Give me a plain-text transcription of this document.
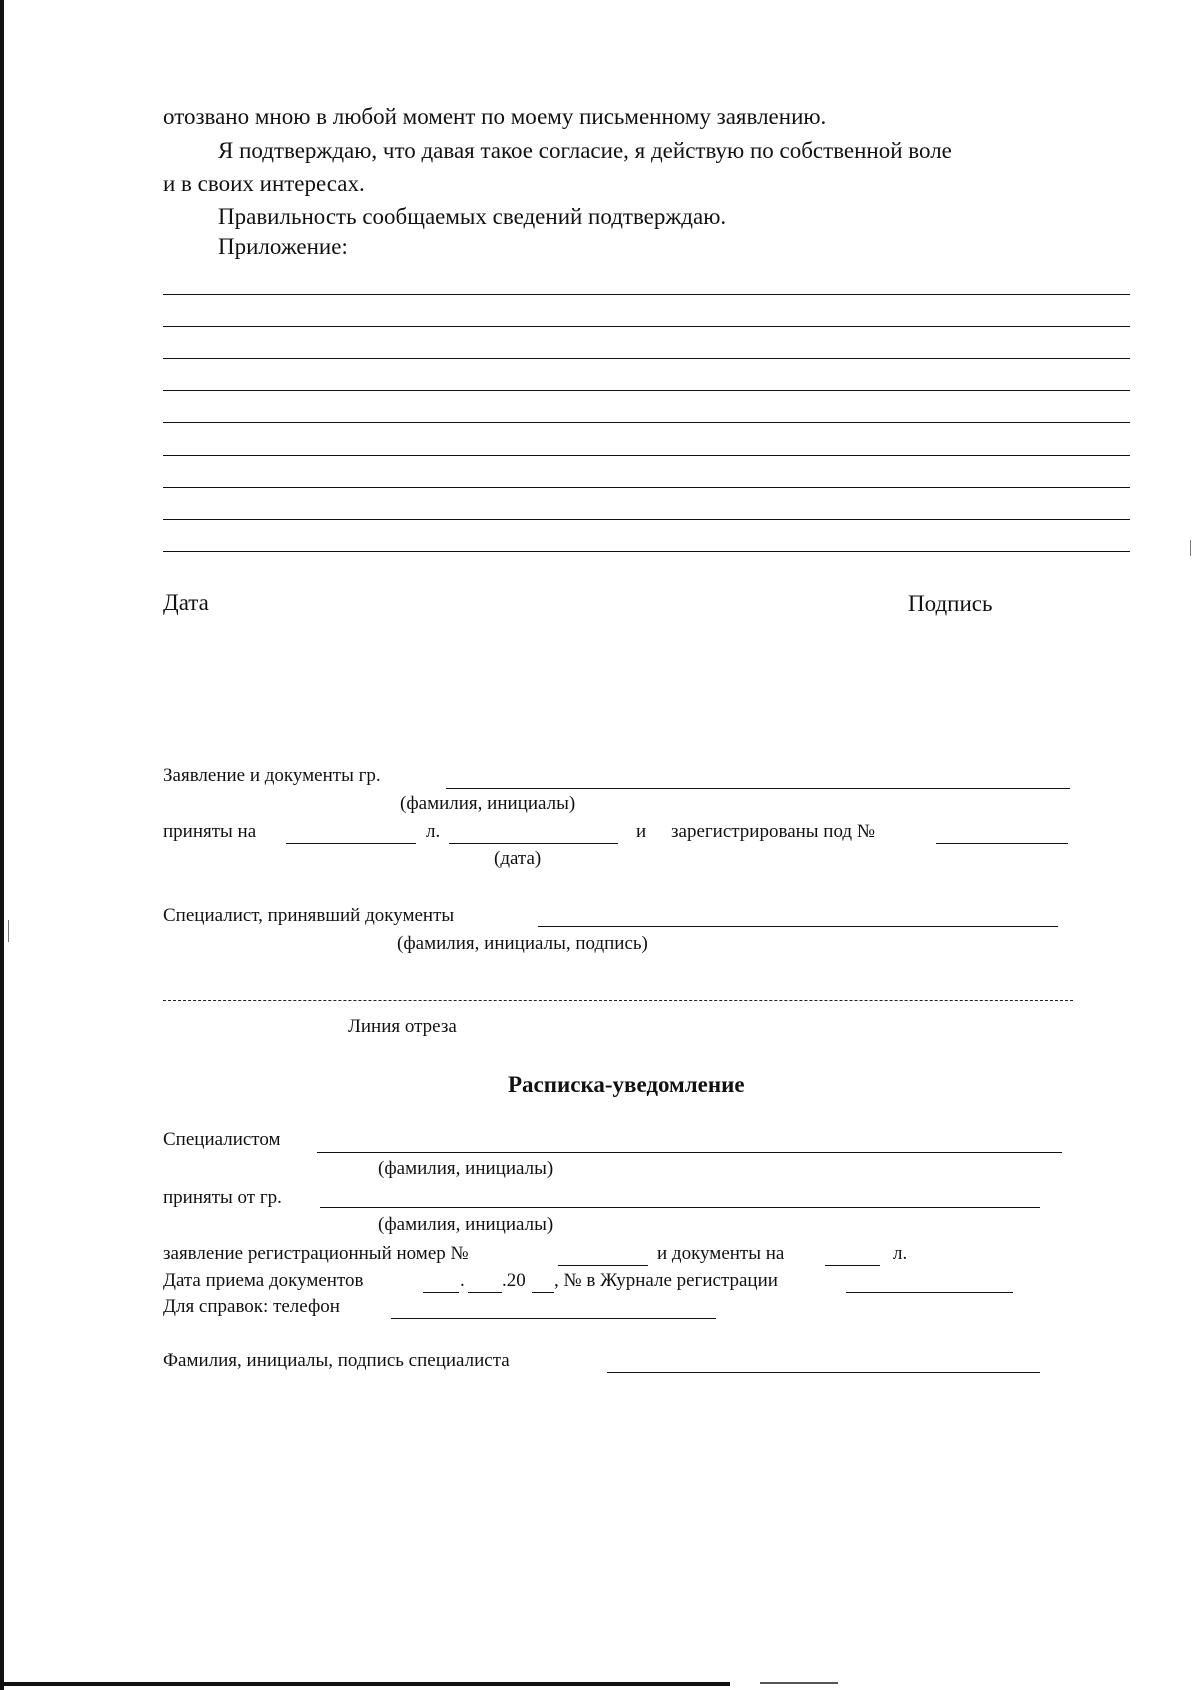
отозвано мною в любой момент по моему письменному заявлению.
Я подтверждаю, что давая такое согласие, я действую по собственной воле
и в своих интересах.
Правильность сообщаемых сведений подтверждаю.
Приложение:
Дата	Подпись
Заявление и документы гр.
(фамилия, инициалы)
приняты на	л.	и зарегистрированы под №
(дата)
Специалист, принявший документы
(фамилия, инициалы, подпись)
Линия отреза
Расписка-уведомление
Специалистом
(фамилия, инициалы)
приняты от гр.
(фамилия, инициалы)
заявление регистрационный номер №	и документы на	л.
Дата приема документов	. .20 , № в Журнале регистрации
Для справок: телефон
Фамилия, инициалы, подпись специалиста
